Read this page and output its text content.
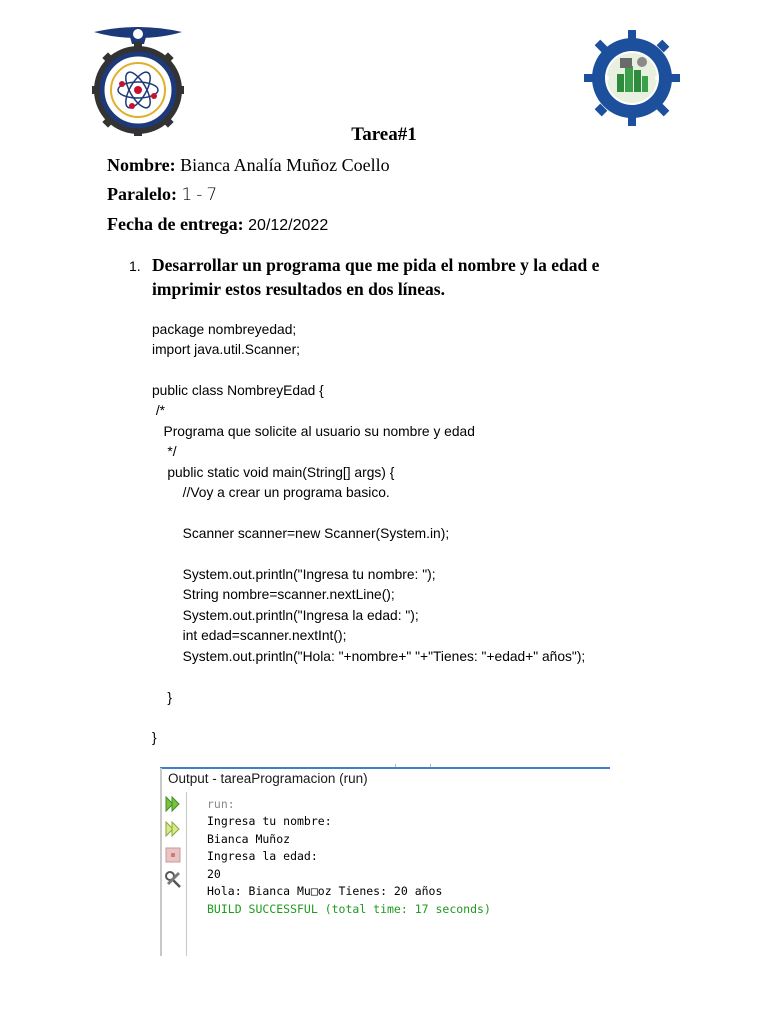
Tarea#1
Nombre: Bianca Analía Muñoz Coello
Paralelo: 1-7
Fecha de entrega: 20/12/2022
1. Desarrollar un programa que me pida el nombre y la edad e imprimir estos resultados en dos líneas.
package nombreyedad;
import java.util.Scanner;
public class NombreyEdad {
/*
Programa que solicite al usuario su nombre y edad
*/
public static void main(String[] args) {
//Voy a crear un programa basico.
Scanner scanner=new Scanner(System.in);
System.out.println("Ingresa tu nombre: ");
String nombre=scanner.nextLine();
System.out.println("Ingresa la edad: ");
int edad=scanner.nextInt();
System.out.println("Hola: "+nombre+" "+"Tienes: "+edad+" años");
}
}
Output - tareaProgramacion (run)
run:
Ingresa tu nombre:
Bianca Muñoz
Ingresa la edad:
20
Hola: Bianca Mu□oz Tienes: 20 años
BUILD SUCCESSFUL (total time: 17 seconds)
